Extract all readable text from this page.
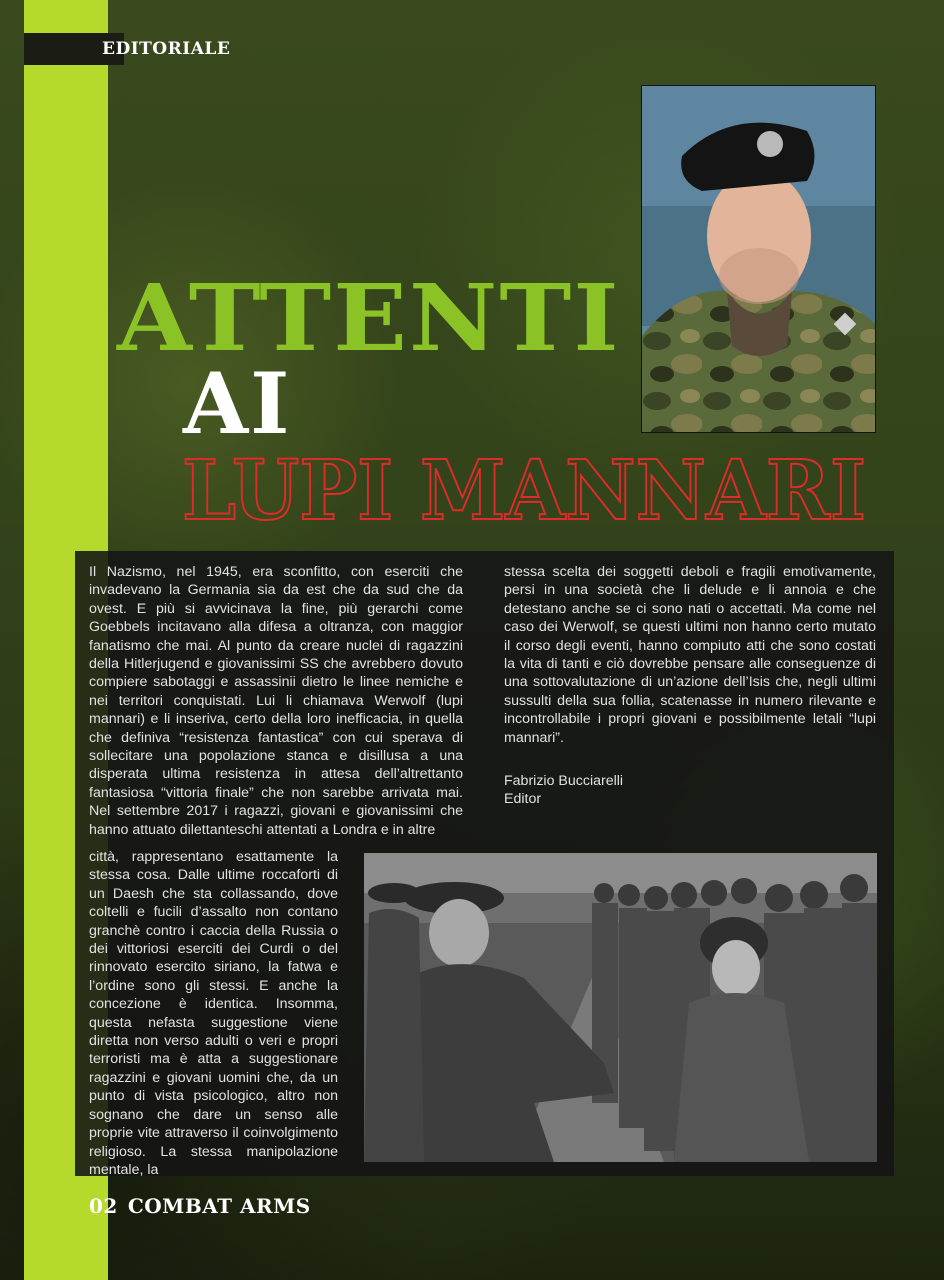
EDITORIALE
ATTENTI
AI
LUPI MANNARI

Il Nazismo, nel 1945, era sconfitto, con eserciti che invadevano la Germania sia da est che da sud che da ovest. E più si avvicinava la fine, più gerarchi come Goebbels incitavano alla difesa a oltranza, con maggior fanatismo che mai. Al punto da creare nuclei di ragazzini della Hitlerjugend e giovanissimi SS che avrebbero dovuto compiere sabotaggi e assassinii dietro le linee nemiche e nei territori conquistati. Lui li chiamava Werwolf (lupi mannari) e li inseriva, certo della loro inefficacia, in quella che definiva “resistenza fantastica” con cui sperava di sollecitare una popolazione stanca e disillusa a una disperata ultima resistenza in attesa dell’altrettanto fantasiosa “vittoria finale” che non sarebbe arrivata mai. Nel settembre 2017 i ragazzi, giovani e giovanissimi che hanno attuato dilettanteschi attentati a Londra e in altre

città, rappresentano esattamente la stessa cosa. Dalle ultime roccaforti di un Daesh che sta collassando, dove coltelli e fucili d’assalto non contano granchè contro i caccia della Russia o dei vittoriosi eserciti dei Curdi o del rinnovato esercito siriano, la fatwa e l’ordine sono gli stessi. E anche la concezione è identica. Insomma, questa nefasta suggestione viene diretta non verso adulti o veri e propri terroristi ma è atta a suggestionare ragazzini e giovani uomini che, da un punto di vista psicologico, altro non sognano che dare un senso alle proprie vite attraverso il coinvolgimento religioso. La stessa manipolazione mentale, la

stessa scelta dei soggetti deboli e fragili emotivamente, persi in una società che li delude e li annoia e che detestano anche se ci sono nati o accettati. Ma come nel caso dei Werwolf, se questi ultimi non hanno certo mutato il corso degli eventi, hanno compiuto atti che sono costati la vita di tanti e ciò dovrebbe pensare alle conseguenze di una sottovalutazione di un’azione dell’Isis che, negli ultimi sussulti della sua follia, scatenasse in numero rilevante e incontrollabile i propri giovani e possibilmente letali “lupi mannari”.

Fabrizio Bucciarelli

Editor

02 COMBAT ARMS
